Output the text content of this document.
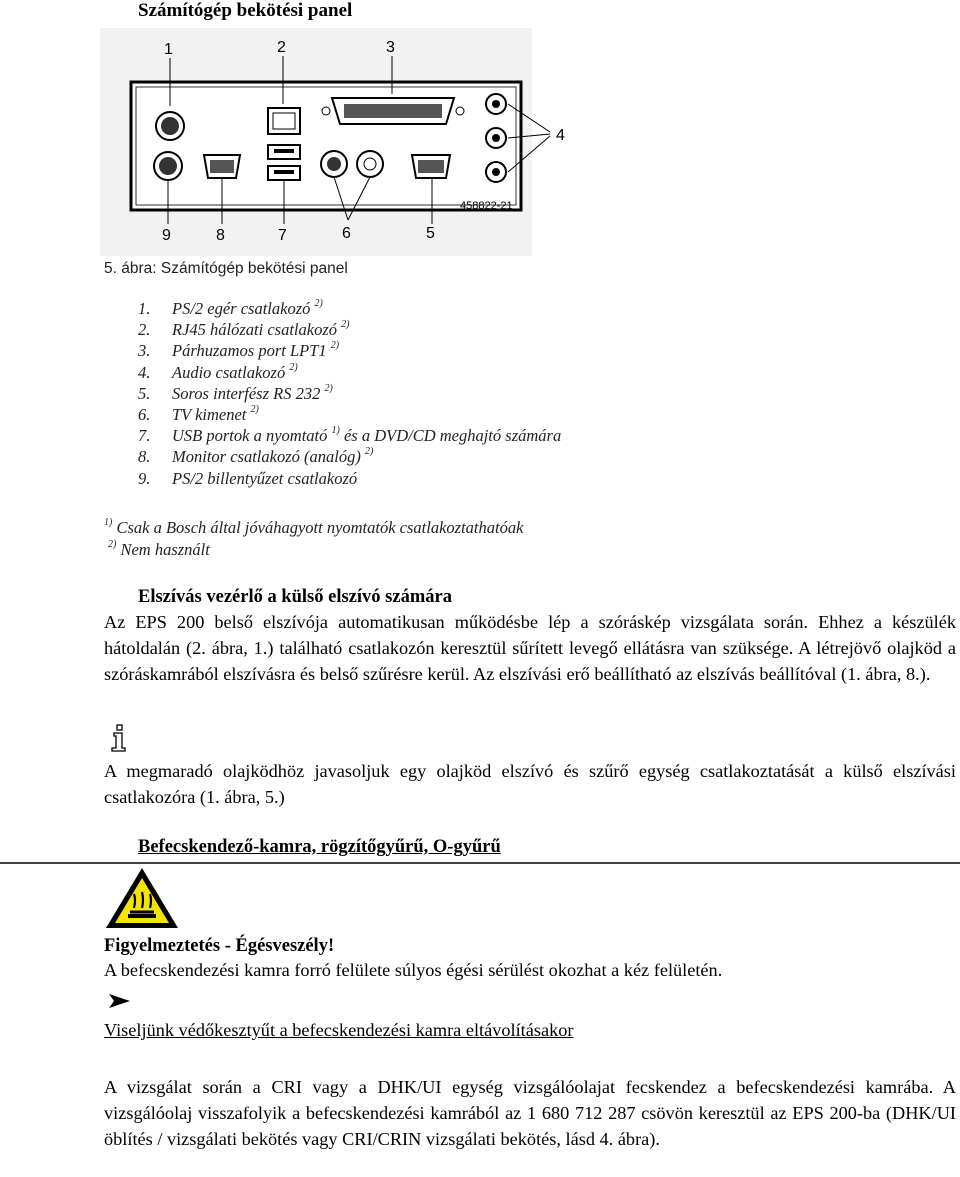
Számítógép bekötési panel
1	2	3
4
458822-21
9	8	7	6	5
5. ábra: Számítógép bekötési panel
1. PS/2 egér csatlakozó $^{2)}$
2. RJ45 hálózati csatlakozó $^{2)}$
3. Párhuzamos port LPT1 $^{2)}$
4. Audio csatlakozó $^{2)}$
5. Soros interfész RS 232 $^{2)}$
6. TV kimenet $^{2)}$
7. USB portok a nyomtató $^{1)}$ és a DVD/CD meghajtó számára
8. Monitor csatlakozó (analóg) $^{2)}$
9. PS/2 billentyűzet csatlakozó
$^{1)}$ Csak a Bosch által jóváhagyott nyomtatók csatlakoztathatóak
$^{2)}$ Nem használt
Elszívás vezérlő a külső elszívó számára
Az EPS 200 belső elszívója automatikusan működésbe lép a szóráskép vizsgálata során. Ehhez a készülék hátoldalán (2. ábra, 1.) található csatlakozón keresztül sűrített levegő ellátásra van szüksége. A létrejövő olajköd a szóráskamrából elszívásra és belső szűrésre kerül. Az elszívási erő beállítható az elszívás beállítóval (1. ábra, 8.).
A megmaradó olajködhöz javasoljuk egy olajköd elszívó és szűrő egység csatlakoztatását a külső elszívási csatlakozóra (1. ábra, 5.)
Befecskendező-kamra, rögzítőgyűrű, O-gyűrű
Figyelmeztetés - Égésveszély!
A befecskendezési kamra forró felülete súlyos égési sérülést okozhat a kéz felületén.
Viseljünk védőkesztyűt a befecskendezési kamra eltávolításakor
A vizsgálat során a CRI vagy a DHK/UI egység vizsgálóolajat fecskendez a befecskendezési kamrába. A vizsgálóolaj visszafolyik a befecskendezési kamrából az 1 680 712 287 csövön keresztül az EPS 200-ba (DHK/UI öblítés / vizsgálati bekötés vagy CRI/CRIN vizsgálati bekötés, lásd 4. ábra).
